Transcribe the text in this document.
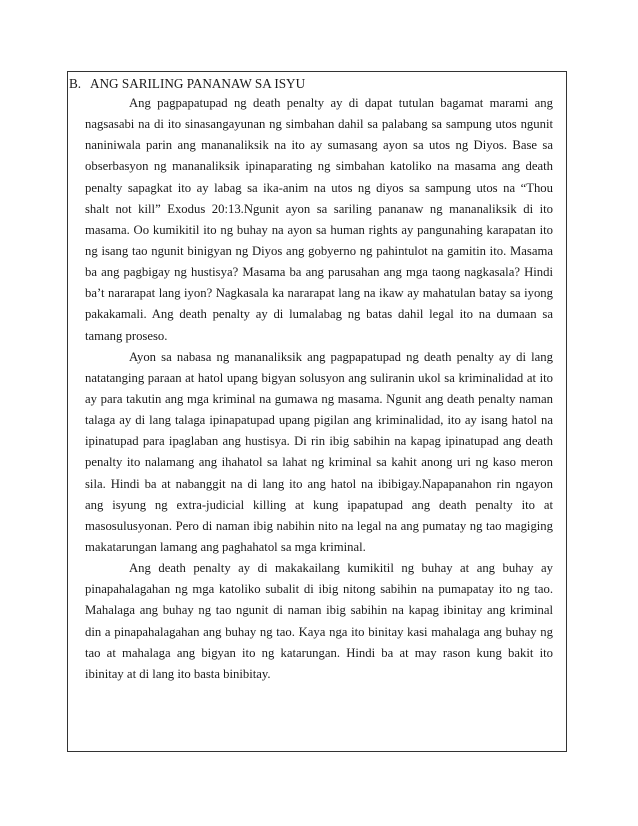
B. ANG SARILING PANANAW SA ISYU
Ang pagpapatupad ng death penalty ay di dapat tutulan bagamat marami ang
nagsasabi na di ito sinasangayunan ng simbahan dahil sa palabang sa sampung utos ngunit
naniniwala parin ang mananaliksik na ito ay sumasang ayon sa utos ng Diyos. Base sa
obserbasyon ng mananaliksik ipinaparating ng simbahan katoliko na masama ang death
penalty sapagkat ito ay labag sa ika-anim na utos ng diyos sa sampung utos na “Thou
shalt not kill” Exodus 20:13.Ngunit ayon sa sariling pananaw ng mananaliksik di ito
masama. Oo kumikitil ito ng buhay na ayon sa human rights ay pangunahing karapatan ito
ng isang tao ngunit binigyan ng Diyos ang gobyerno ng pahintulot na gamitin ito. Masama
ba ang pagbigay ng hustisya? Masama ba ang parusahan ang mga taong nagkasala? Hindi
ba’t nararapat lang iyon? Nagkasala ka nararapat lang na ikaw ay mahatulan batay sa iyong
pakakamali. Ang death penalty ay di lumalabag ng batas dahil legal ito na dumaan sa
tamang proseso.
Ayon sa nabasa ng mananaliksik ang pagpapatupad ng death penalty ay di lang
natatanging paraan at hatol upang bigyan solusyon ang suliranin ukol sa kriminalidad at ito
ay para takutin ang mga kriminal na gumawa ng masama. Ngunit ang death penalty naman
talaga ay di lang talaga ipinapatupad upang pigilan ang kriminalidad, ito ay isang hatol na
ipinatupad para ipaglaban ang hustisya. Di rin ibig sabihin na kapag ipinatupad ang death
penalty ito nalamang ang ihahatol sa lahat ng kriminal sa kahit anong uri ng kaso meron
sila. Hindi ba at nabanggit na di lang ito ang hatol na ibibigay.Napapanahon rin ngayon
ang isyung ng extra-judicial killing at kung ipapatupad ang death penalty ito at
masosulusyonan. Pero di naman ibig nabihin nito na legal na ang pumatay ng tao magiging
makatarungan lamang ang paghahatol sa mga kriminal.
Ang death penalty ay di makakailang kumikitil ng buhay at ang buhay ay
pinapahalagahan ng mga katoliko subalit di ibig nitong sabihin na pumapatay ito ng tao.
Mahalaga ang buhay ng tao ngunit di naman ibig sabihin na kapag ibinitay ang kriminal
din a pinapahalagahan ang buhay ng tao. Kaya nga ito binitay kasi mahalaga ang buhay ng
tao at mahalaga ang bigyan ito ng katarungan. Hindi ba at may rason kung bakit ito
ibinitay at di lang ito basta binibitay.
